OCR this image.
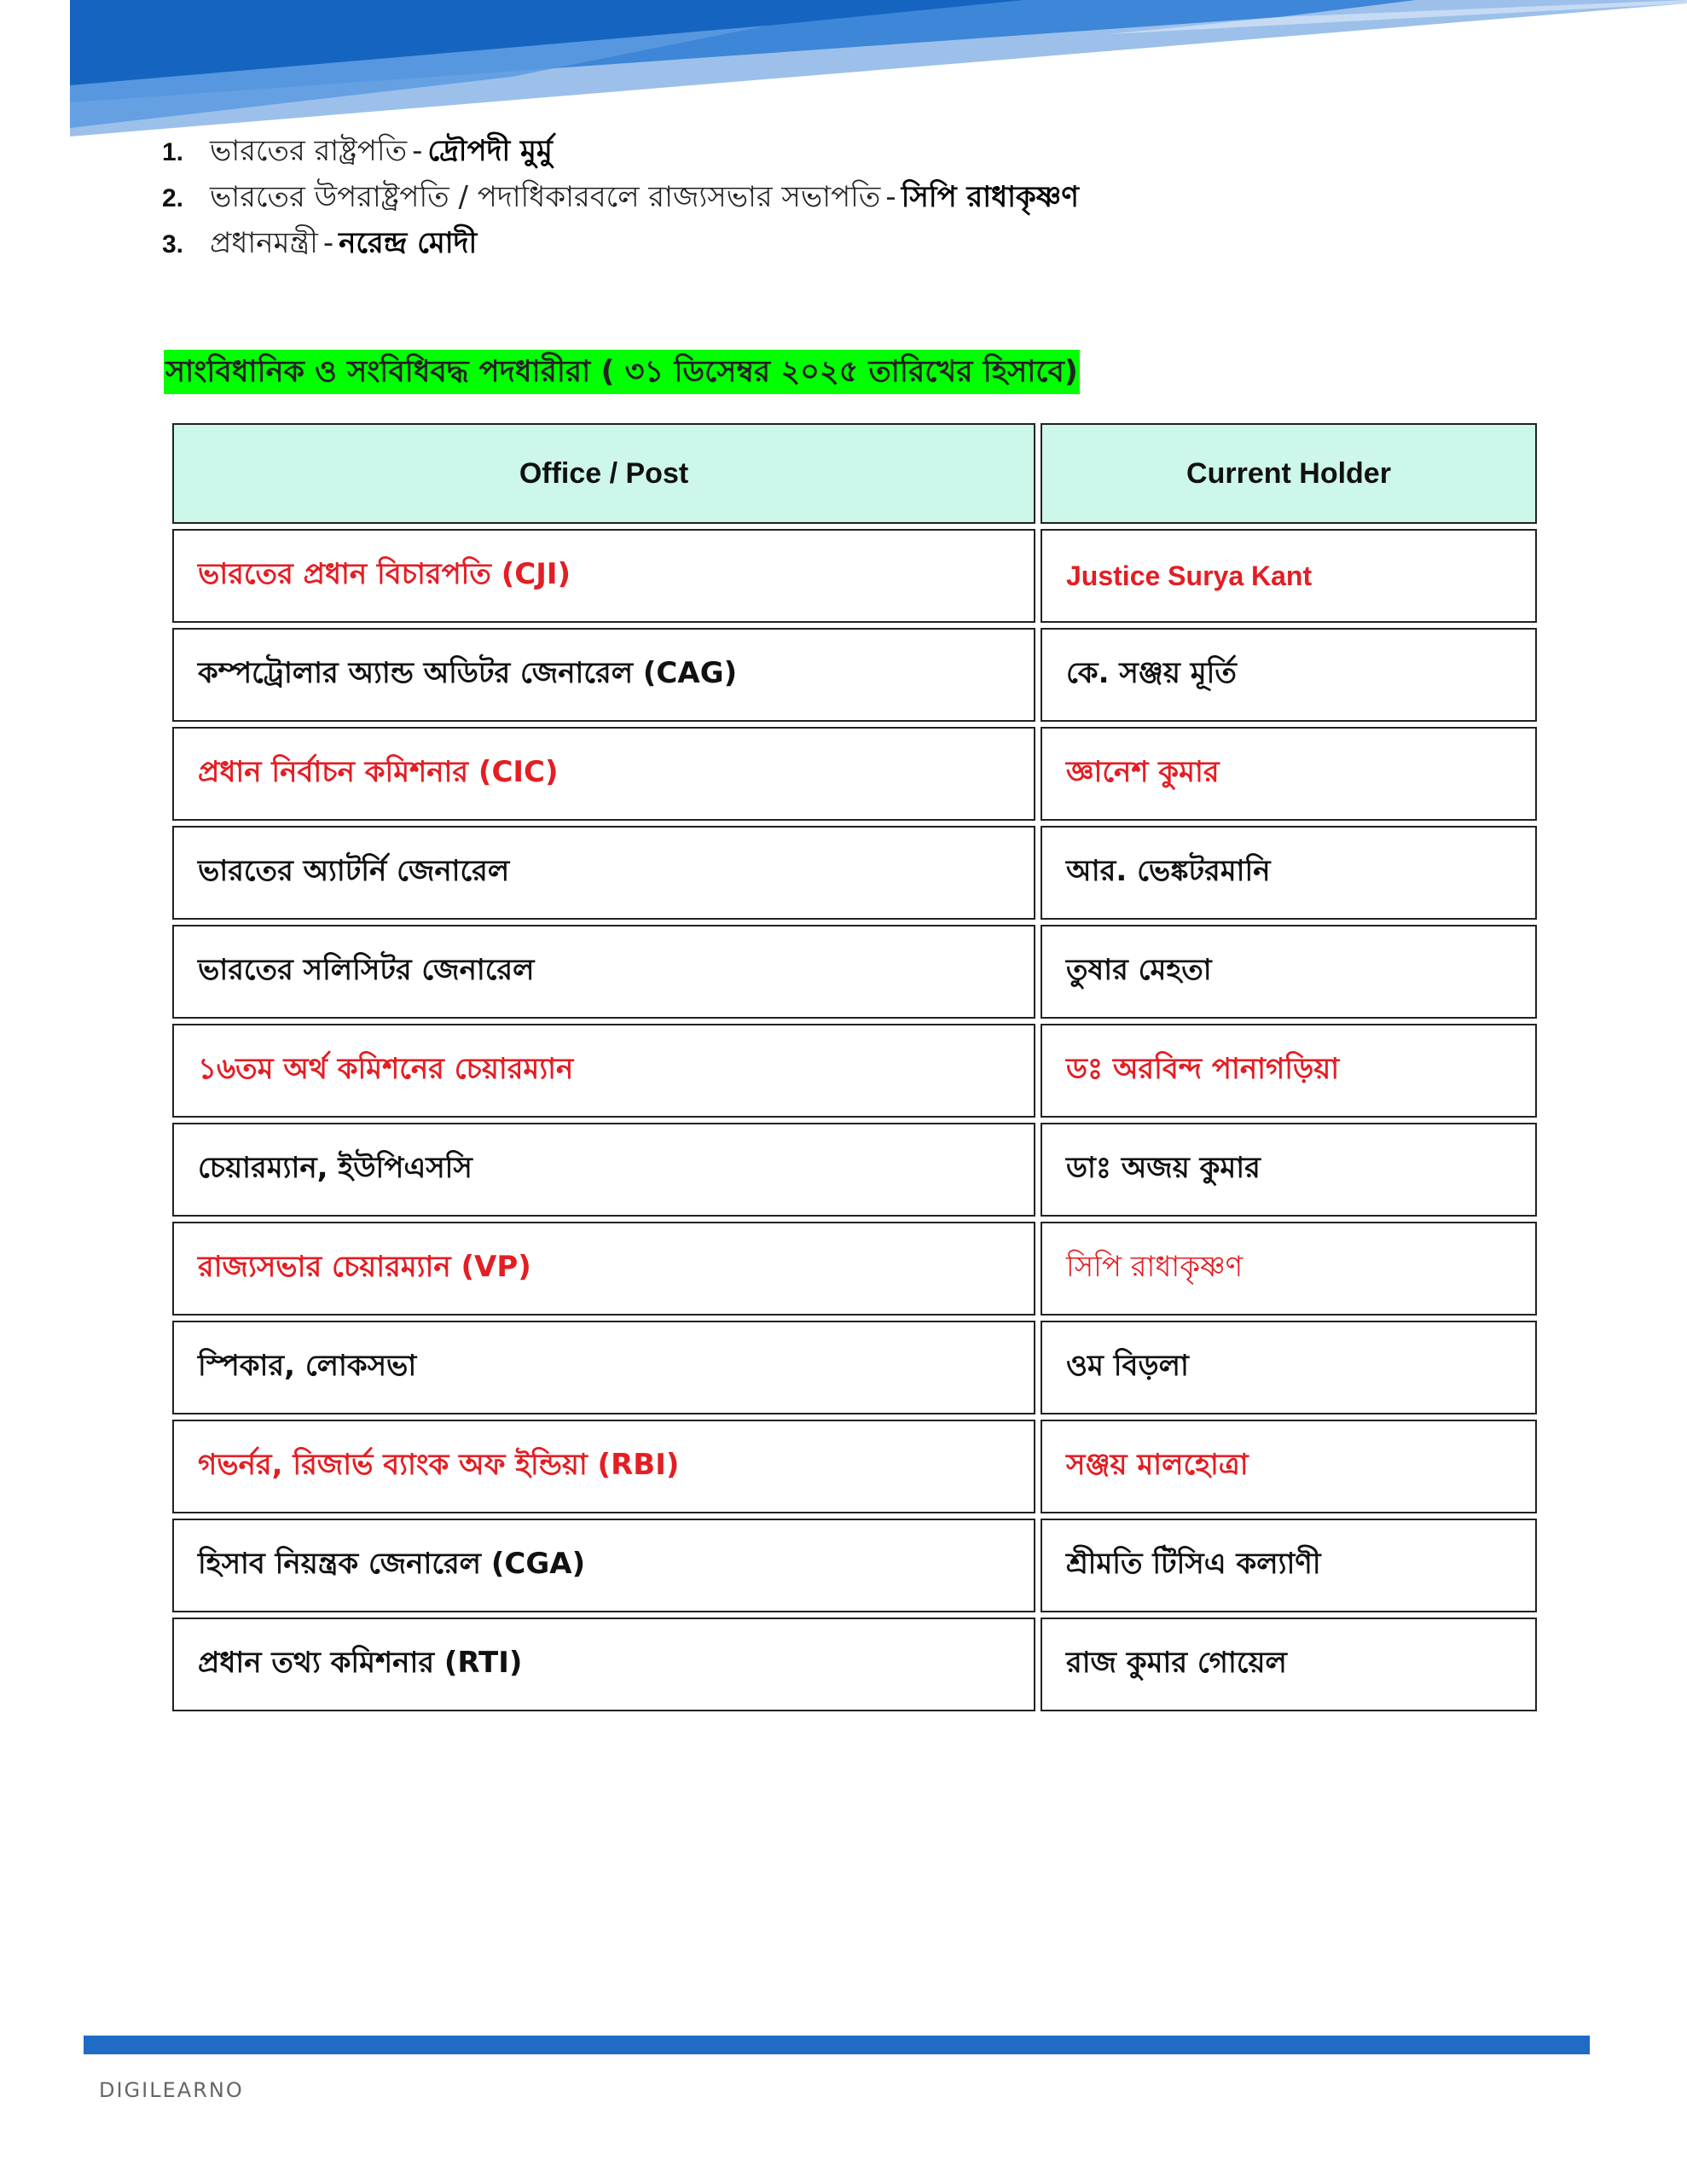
1. ভারতের রাষ্ট্রপতি - দ্রৌপদী মুর্মু
2. ভারতের উপরাষ্ট্রপতি / পদাধিকারবলে রাজ্যসভার সভাপতি - সিপি রাধাকৃষ্ণণ
3. প্রধানমন্ত্রী - নরেন্দ্র মোদী
সাংবিধানিক ও সংবিধিবদ্ধ পদধারীরা ( ৩১ ডিসেম্বর ২০২৫ তারিখের হিসাবে)
Office / Post	Current Holder
ভারতের প্রধান বিচারপতি (CJI)	Justice Surya Kant
কম্পট্রোলার অ্যান্ড অডিটর জেনারেল (CAG)	কে. সঞ্জয় মূর্তি
প্রধান নির্বাচন কমিশনার (CIC)	জ্ঞানেশ কুমার
ভারতের অ্যাটর্নি জেনারেল	আর. ভেঙ্কটরমানি
ভারতের সলিসিটর জেনারেল	তুষার মেহতা
১৬তম অর্থ কমিশনের চেয়ারম্যান	ডঃ অরবিন্দ পানাগড়িয়া
চেয়ারম্যান, ইউপিএসসি	ডাঃ অজয় কুমার
রাজ্যসভার চেয়ারম্যান (VP)	সিপি রাধাকৃষ্ণণ
স্পিকার, লোকসভা	ওম বিড়লা
গভর্নর, রিজার্ভ ব্যাংক অফ ইন্ডিয়া (RBI)	সঞ্জয় মালহোত্রা
হিসাব নিয়ন্ত্রক জেনারেল (CGA)	শ্রীমতি টিসিএ কল্যাণী
প্রধান তথ্য কমিশনার (RTI)	রাজ কুমার গোয়েল
DIGILEARNO
